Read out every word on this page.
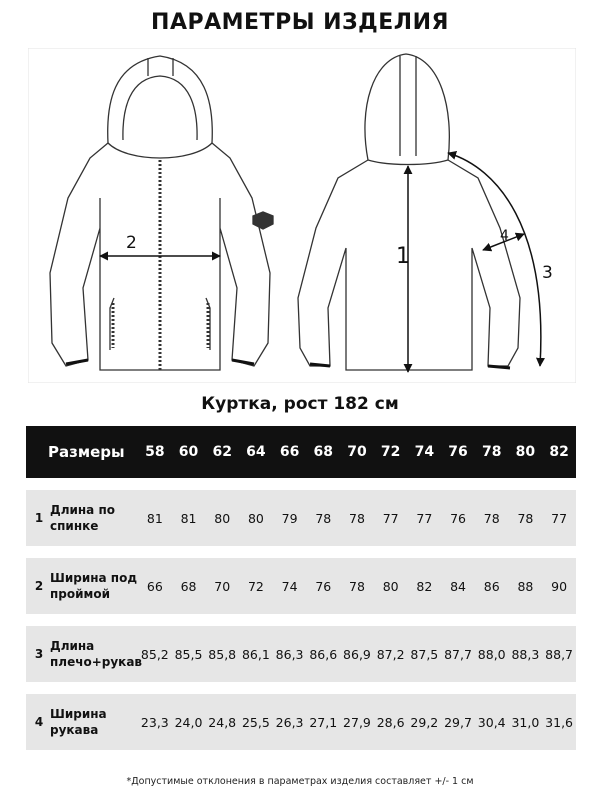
ПАРАМЕТРЫ ИЗДЕЛИЯ
2
1
3
4
Куртка, рост 182 см
Размеры	58	60	62	64	66	68	70	72	74	76	78	80	82
1
Длина по
спинке
81	81	80	80	79	78	78	77	77	76	78	78	77
2
Ширина под
проймой
66	68	70	72	74	76	78	80	82	84	86	88	90
3
Длина
плечо+рукав
85,2 85,5 85,8 86,1 86,3 86,6 86,9 87,2 87,5 87,7 88,0 88,3 88,7
4
Ширина
рукава
23,3 24,0 24,8 25,5 26,3 27,1 27,9 28,6 29,2 29,7 30,4 31,0 31,6
*Допустимые отклонения в параметрах изделия составляет +/- 1 см
